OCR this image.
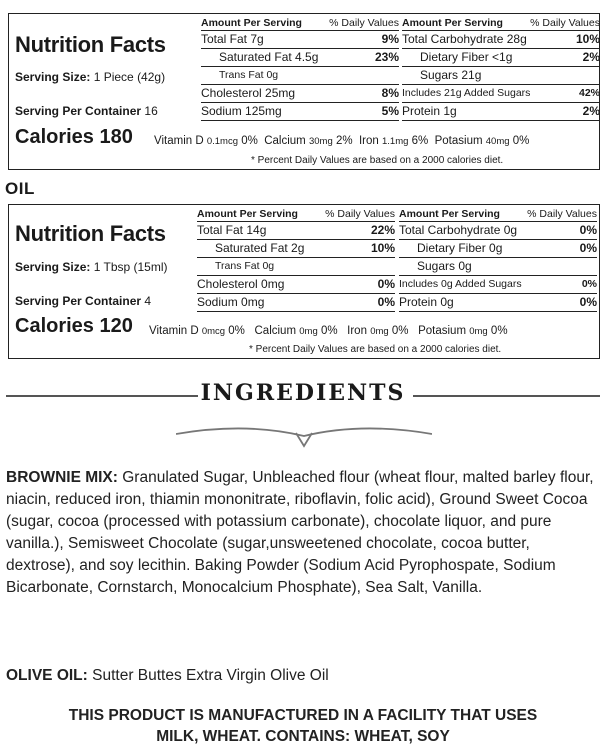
Nutrition Facts
Serving Size: 1 Piece (42g)
Serving Per Container 16
Calories 180
Amount Per Serving	% Daily Values
Total Fat 7g	9%
Saturated Fat 4.5g	23%
Trans Fat 0g
Cholesterol 25mg	8%
Sodium 125mg	5%
Amount Per Serving	% Daily Values
Total Carbohydrate 28g	10%
Dietary Fiber <1g	2%
Sugars 21g
Includes 21g Added Sugars	42%
Protein 1g	2%
Vitamin D 0.1mcg 0% Calcium 30mg 2% Iron 1.1mg 6% Potasium 40mg 0%
* Percent Daily Values are based on a 2000 calories diet.
OIL
Nutrition Facts
Serving Size: 1 Tbsp (15ml)
Serving Per Container 4
Calories 120
Amount Per Serving	% Daily Values
Total Fat 14g	22%
Saturated Fat 2g	10%
Trans Fat 0g
Cholesterol 0mg	0%
Sodium 0mg	0%
Amount Per Serving	% Daily Values
Total Carbohydrate 0g	0%
Dietary Fiber 0g	0%
Sugars 0g
Includes 0g Added Sugars	0%
Protein 0g	0%
Vitamin D 0mcg 0% Calcium 0mg 0% Iron 0mg 0% Potasium 0mg 0%
* Percent Daily Values are based on a 2000 calories diet.
INGREDIENTS
BROWNIE MIX: Granulated Sugar, Unbleached flour (wheat flour, malted barley flour, niacin, reduced iron, thiamin mononitrate, riboflavin, folic acid), Ground Sweet Cocoa (sugar, cocoa (processed with potassium carbonate), chocolate liquor, and pure vanilla.), Semisweet Chocolate (sugar,unsweetened chocolate, cocoa butter, dextrose), and soy lecithin. Baking Powder (Sodium Acid Pyrophospate, Sodium Bicarbonate, Cornstarch, Monocalcium Phosphate), Sea Salt, Vanilla.
OLIVE OIL: Sutter Buttes Extra Virgin Olive Oil
THIS PRODUCT IS MANUFACTURED IN A FACILITY THAT USES
MILK, WHEAT. CONTAINS: WHEAT, SOY
